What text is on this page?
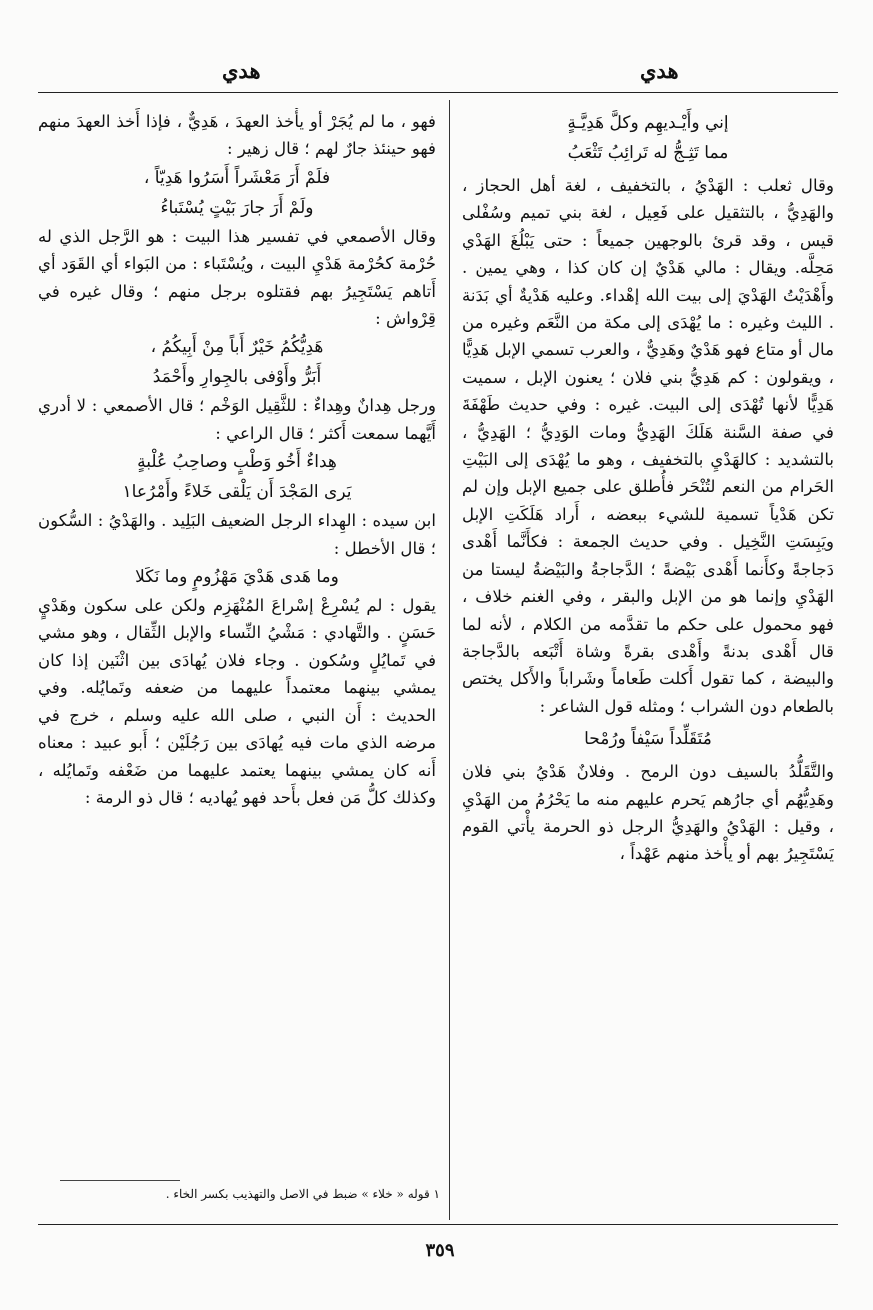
هدي
هدي

إني وأَيْـديهِم وكلَّ هَدِيَّـةٍ

مما تَثِـجُّ له تَرائِبُ تَثْعَبُ

وقال ثعلب : الهَدْيُ ، بالتخفيف ، لغة أهل الحجاز ، والهَدِيُّ ، بالتثقيل على فَعِيل ، لغة بني تميم وسُفْلى قيس ، وقد قرئ بالوجهين جميعاً : حتى يَبْلُغَ الهَدْي مَحِلَّه. ويقال : مالي هَدْيٌ إن كان كذا ، وهي يمين . وأَهْدَيْتُ الهَدْيَ إلى بيت الله إهْداء. وعليه هَدْيةٌ أي بَدَنة . الليث وغيره : ما يُهْدَى إلى مكة من النَّعَم وغيره من مال أو متاع فهو هَدْيٌ وهَدِيٌّ ، والعرب تسمي الإبل هَدِيًّا ، ويقولون : كم هَدِيُّ بني فلان ؛ يعنون الإبل ، سميت هَدِيًّا لأنها تُهْدَى إلى البيت. غيره : وفي حديث طَهْفَةَ في صفة السَّنة هَلَكَ الهَدِيُّ ومات الوَدِيُّ ؛ الهَدِيُّ ، بالتشديد : كالهَدْيِ بالتخفيف ، وهو ما يُهْدَى إلى البَيْتِ الحَرام من النعم لتُنْحَر فأُطلق على جميع الإبل وإن لم تكن هَدْياً تسمية للشيء ببعضه ، أَراد هَلَكَتِ الإبل ويَبِسَتِ النَّخِيل . وفي حديث الجمعة : فكأَنَّما أَهْدى دَجاجةً وكأَنما أَهْدى بَيْضةً ؛ الدَّجاجةُ والبَيْضةُ ليستا من الهَدْيِ وإنما هو من الإبل والبقر ، وفي الغنم خلاف ، فهو محمول على حكم ما تقدَّمه من الكلام ، لأنه لما قال أَهْدى بدنةً وأَهْدى بقرةً وشاة أَتْبَعه بالدَّجاجة والبيضة ، كما تقول أَكلت طَعاماً وشَراباً والأَكل يختص بالطعام دون الشراب ؛ ومثله قول الشاعر :

مُتَقَلِّداً سَيْفاً ورُمْحا

والتَّقَلُّدُ بالسيف دون الرمح . وفلانٌ هَدْيُ بني فلان وهَدِيُّهُم أي جارُهم يَحرم عليهم منه ما يَحْرُمُ من الهَدْيِ ، وقيل : الهَدْيُ والهَدِيُّ الرجل ذو الحرمة يأْتي القوم يَسْتَجِيرُ بهم أو يأْخذ منهم عَهْداً ،

فهو ، ما لم يُجَرْ أو يأْخذ العهدَ ، هَدِيٌّ ، فإذا أَخذ العهدَ منهم فهو حينئذ جارٌ لهم ؛ قال زهير :

فلَمْ أَرَ مَعْشَراً أَسَرُوا هَدِيّاً ،

ولَمْ أَرَ جارَ بَيْتٍ يُسْتَباءُ

وقال الأصمعي في تفسير هذا البيت : هو الرَّجل الذي له حُرْمة كحُرْمة هَدْيِ البيت ، ويُسْتَباء : من البَواء أي القَوَد أي أَتاهم يَسْتَجِيرُ بهم فقتلوه برجل منهم ؛ وقال غيره في قِرْواش :

هَدِيُّكُمُ خَيْرٌ أَباً مِنْ أَبِيكُمُ ،

أَبَرُّ وأَوْفى بالجِوارِ وأَحْمَدُ

ورجل هِدانٌ وهِداءٌ : للثَّقِيل الوَخْم ؛ قال الأصمعي : لا أدري أَيَّهما سمعت أَكثر ؛ قال الراعي :

هِداءٌ أَخُو وَطْبٍ وصاحِبُ عُلْبةٍ

يَرى المَجْدَ أَن يَلْقى خَلاءً وأَمْرُعا١

ابن سيده : الهِداء الرجل الضعيف البَلِيد . والهَدْيُ : السُّكون ؛ قال الأخطل :

وما هَدى هَدْيَ مَهْزُومٍ وما نَكَلا

يقول : لم يُسْرِعْ إسْراعَ المُنْهَزِم ولكن على سكون وهَدْيٍ حَسَنٍ . والتَّهادي : مَشْيُ النِّساء والإبل الثِّقال ، وهو مشي في تَمايُلٍ وسُكون . وجاء فلان يُهادَى بين اثْنَين إذا كان يمشي بينهما معتمداً عليهما من ضعفه وتَمايُله. وفي الحديث : أَن النبي ، صلى الله عليه وسلم ، خرج في مرضه الذي مات فيه يُهادَى بين رَجُلَيْن ؛ أَبو عبيد : معناه أَنه كان يمشي بينهما يعتمد عليهما من ضَعْفه وتَمايُله ، وكذلك كلُّ مَن فعل بأَحد فهو يُهاديه ؛ قال ذو الرمة :

١ قوله « خلاء » ضبط في الاصل والتهذيب بكسر الخاء .
٣٥٩
